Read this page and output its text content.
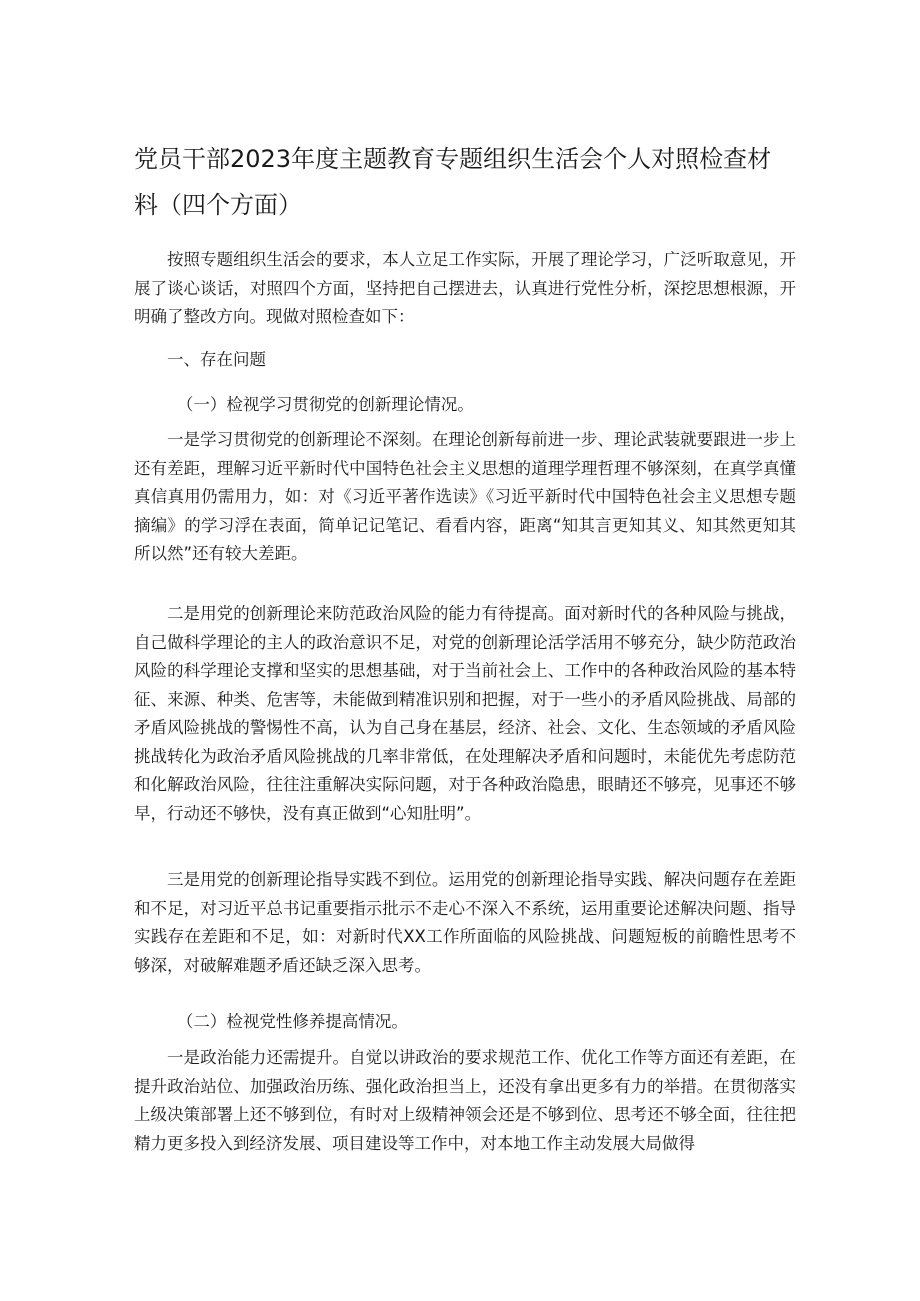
党员干部2023年度主题教育专题组织生活会个人对照检查材料（四个方面）

按照专题组织生活会的要求，本人立足工作实际，开展了理论学习，广泛听取意见，开展了谈心谈话，对照四个方面，坚持把自己摆进去，认真进行党性分析，深挖思想根源，开明确了整改方向。现做对照检查如下：

一、存在问题

（一）检视学习贯彻党的创新理论情况。

一是学习贯彻党的创新理论不深刻。在理论创新每前进一步、理论武装就要跟进一步上还有差距，理解习近平新时代中国特色社会主义思想的道理学理哲理不够深刻，在真学真懂真信真用仍需用力，如：对《习近平著作选读》《习近平新时代中国特色社会主义思想专题摘编》的学习浮在表面，简单记记笔记、看看内容，距离“知其言更知其义、知其然更知其所以然”还有较大差距。

二是用党的创新理论来防范政治风险的能力有待提高。面对新时代的各种风险与挑战，自己做科学理论的主人的政治意识不足，对党的创新理论活学活用不够充分，缺少防范政治风险的科学理论支撑和坚实的思想基础，对于当前社会上、工作中的各种政治风险的基本特征、来源、种类、危害等，未能做到精准识别和把握，对于一些小的矛盾风险挑战、局部的矛盾风险挑战的警惕性不高，认为自己身在基层，经济、社会、文化、生态领域的矛盾风险挑战转化为政治矛盾风险挑战的几率非常低，在处理解决矛盾和问题时，未能优先考虑防范和化解政治风险，往往注重解决实际问题，对于各种政治隐患，眼睛还不够亮，见事还不够早，行动还不够快，没有真正做到“心知肚明”。

三是用党的创新理论指导实践不到位。运用党的创新理论指导实践、解决问题存在差距和不足，对习近平总书记重要指示批示不走心不深入不系统，运用重要论述解决问题、指导实践存在差距和不足，如：对新时代XX工作所面临的风险挑战、问题短板的前瞻性思考不够深，对破解难题矛盾还缺乏深入思考。

（二）检视党性修养提高情况。

一是政治能力还需提升。自觉以讲政治的要求规范工作、优化工作等方面还有差距，在提升政治站位、加强政治历练、强化政治担当上，还没有拿出更多有力的举措。在贯彻落实上级决策部署上还不够到位，有时对上级精神领会还是不够到位、思考还不够全面，往往把精力更多投入到经济发展、项目建设等工作中，对本地工作主动发展大局做得
